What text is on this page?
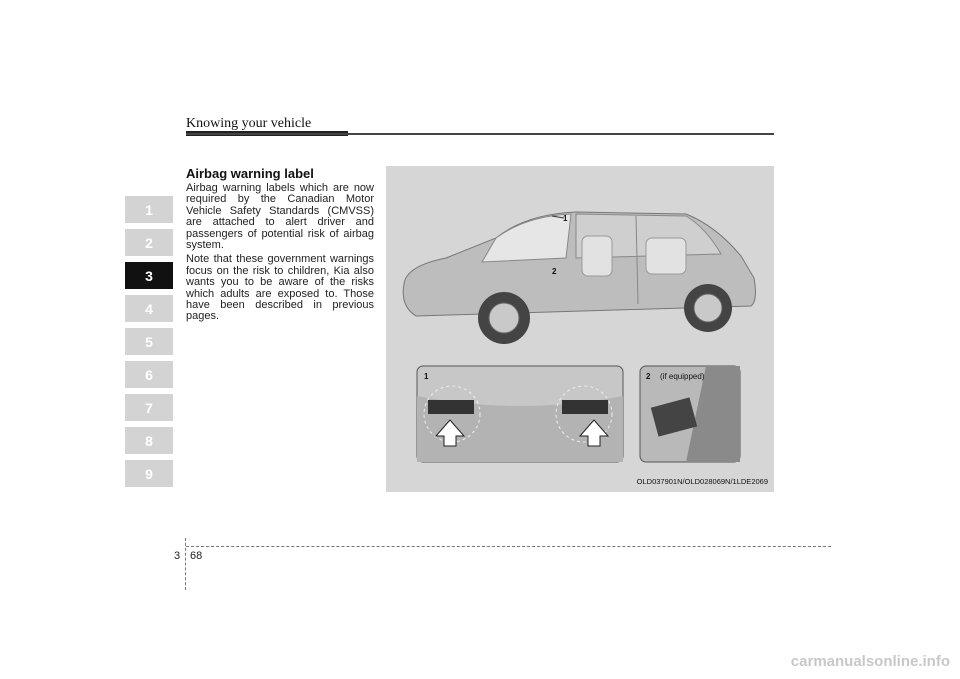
Knowing your vehicle
1
2
3
4
5
6
7
8
9
Airbag warning label

Airbag warning labels which are now required by the Canadian Motor Vehicle Safety Standards (CMVSS) are attached to alert driver and passengers of potential risk of airbag system.

Note that these government warnings focus on the risk to children, Kia also wants you to be aware of the risks which adults are exposed to. Those have been described in previous pages.

1
2
1	2 (if equipped)
OLD037901N/OLD028069N/1LDE2069
3 68
carmanualsonline.info
